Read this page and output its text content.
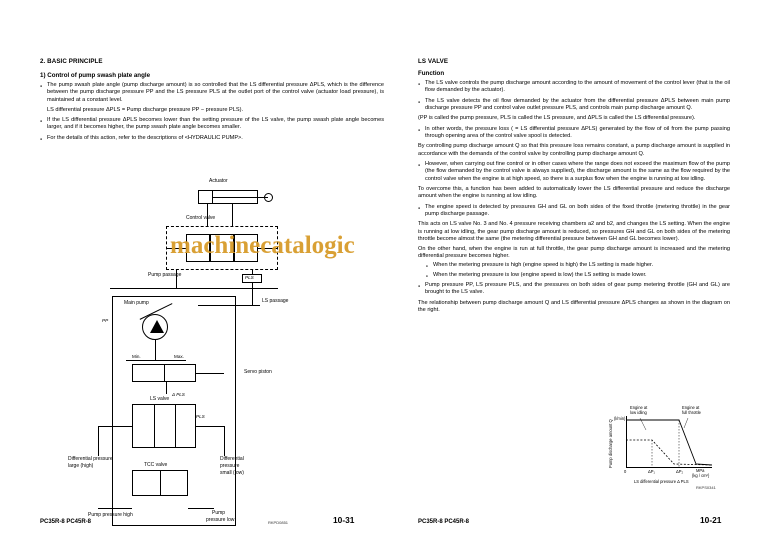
2. BASIC PRINCIPLE
1) Control of pump swash plate angle
● The pump swash plate angle (pump discharge amount) is so controlled that the LS differential pressure ΔPLS, which is the difference between the pump discharge pressure PP and the LS pressure PLS at the outlet port of the control valve (actuator load pressure), is maintained at a constant level.
LS differential pressure ΔPLS = Pump discharge pressure PP − pressure PLS).
● If the LS differential pressure ΔPLS becomes lower than the setting pressure of the LS valve, the pump swash plate angle becomes larger, and if it becomes higher, the pump swash plate angle becomes smaller.
● For the details of this action, refer to the descriptions of <HYDRAULIC PUMP>.
Actuator
Control valve
PLS
Pump passage
LS passage
Main pump
Min.	Max.
Servo piston
Δ PLS
LS valve
Differential pressure
large (high)
Differential
pressure
small (low)
TCC valve
Pump pressure high	Pump
pressure low
PP
PLS
RKPD0851
machinecatalogic
LS VALVE
Function
● The LS valve controls the pump discharge amount according to the amount of movement of the control lever (that is the oil flow demanded by the actuator).
● The LS valve detects the oil flow demanded by the actuator from the differential pressure ΔPLS between main pump discharge pressure PP and control valve outlet pressure PLS, and controls main pump discharge amount Q.
(PP is called the pump pressure, PLS is called the LS pressure, and ΔPLS is called the LS differential pressure).
● In other words, the pressure loss ( = LS differential pressure ΔPLS) generated by the flow of oil from the pump passing through opening area of the control valve spool is detected.
By controlling pump discharge amount Q so that this pressure loss remains constant, a pump discharge amount is supplied in accordance with the demands of the control valve by controlling pump discharge amount Q.
● However, when carrying out fine control or in other cases where the range does not exceed the maximum flow of the pump (the flow demanded by the control valve is always supplied), the discharge amount is the same as the flow required by the control valve when the engine is at high speed, so there is a surplus flow when the engine is running at low idling.
To overcome this, a function has been added to automatically lower the LS differential pressure and reduce the discharge amount when the engine is running at low idling.
● The engine speed is detected by pressures GH and GL on both sides of the fixed throttle (metering throttle) in the gear pump discharge passage.
This acts on LS valve No. 3 and No. 4 pressure receiving chambers a2 and b2, and changes the LS setting. When the engine is running at low idling, the gear pump discharge amount is reduced, so pressures GH and GL on both sides of the metering throttle become almost the same (the metering differential pressure between GH and GL becomes lower).
On the other hand, when the engine is run at full throttle, the gear pump discharge amount is increased and the metering differential pressure becomes higher.
● When the metering pressure is high (engine speed is high) the LS setting is made higher.
● When the metering pressure is low (engine speed is low) the LS setting is made lower.
● Pump pressure PP, LS pressure PLS, and the pressures on both sides of gear pump metering throttle (GH and GL) are brought to the LS valve.
The relationship between pump discharge amount Q and LS differential pressure ΔPLS changes as shown in the diagram on the right.
Engine at
low idling
Engine at
full throttle
Pump discharge amount Q
(l/min)
0	ΔP₁	ΔP₂	MPa
{kg / cm²}
LS differential pressure Δ PLS
RKPS0341
PC35R-8 PC45R-8	10-31	PC35R-8 PC45R-8	10-21
